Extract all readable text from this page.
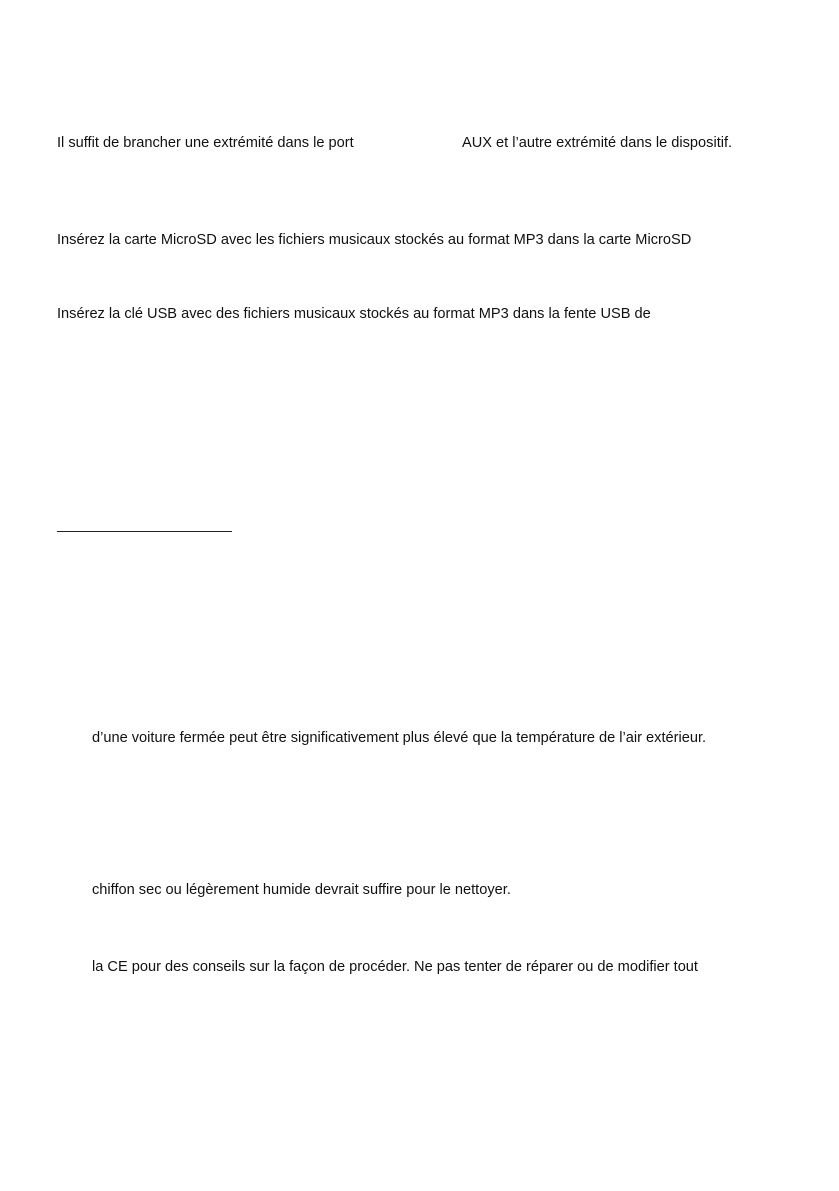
Il suffit de brancher une extrémité dans le port	AUX et l’autre extrémité dans le dispositif.
Insérez la carte MicroSD avec les fichiers musicaux stockés au format MP3 dans la carte MicroSD
Insérez la clé USB avec des fichiers musicaux stockés au format MP3 dans la fente USB de
d’une voiture fermée peut être significativement plus élevé que la température de l’air extérieur.
chiffon sec ou légèrement humide devrait suffire pour le nettoyer.
la CE pour des conseils sur la façon de procéder. Ne pas tenter de réparer ou de modifier tout
